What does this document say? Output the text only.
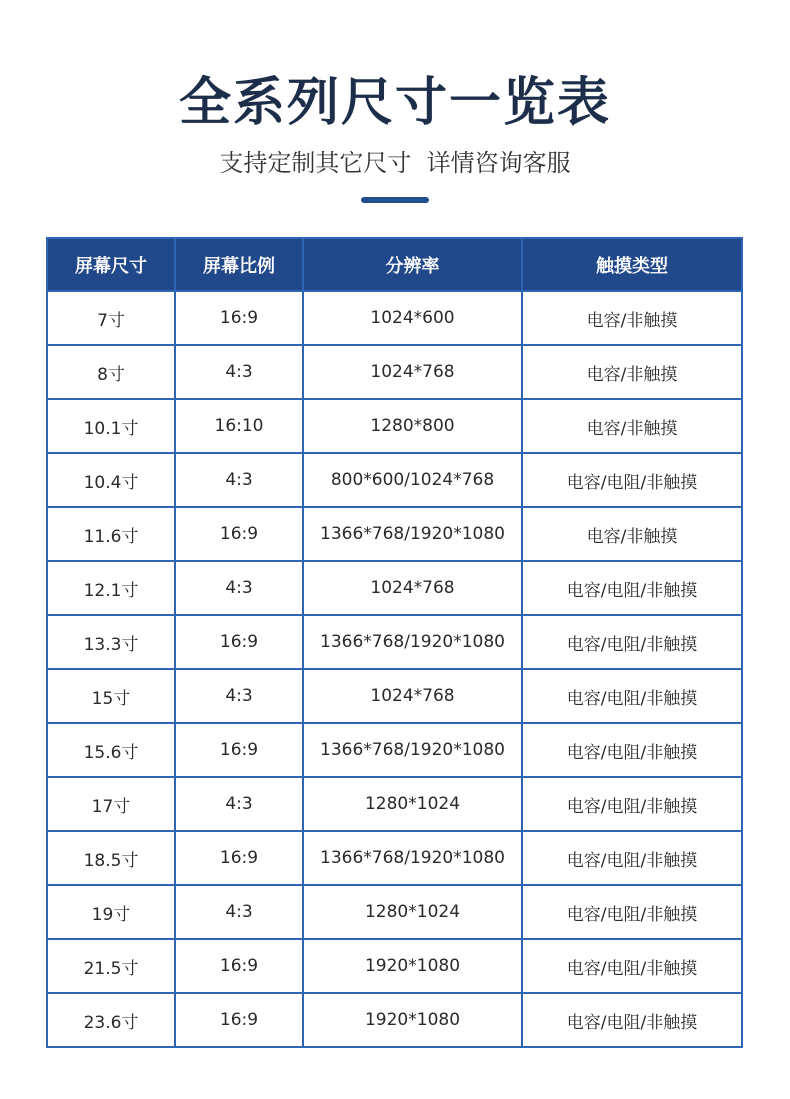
全系列尺寸一览表
支持定制其它尺寸  详情咨询客服
屏幕尺寸	屏幕比例	分辨率	触摸类型
7寸	16:9	1024*600	电容/非触摸
8寸	4:3	1024*768	电容/非触摸
10.1寸	16:10	1280*800	电容/非触摸
10.4寸	4:3	800*600/1024*768	电容/电阻/非触摸
11.6寸	16:9	1366*768/1920*1080	电容/非触摸
12.1寸	4:3	1024*768	电容/电阻/非触摸
13.3寸	16:9	1366*768/1920*1080	电容/电阻/非触摸
15寸	4:3	1024*768	电容/电阻/非触摸
15.6寸	16:9	1366*768/1920*1080	电容/电阻/非触摸
17寸	4:3	1280*1024	电容/电阻/非触摸
18.5寸	16:9	1366*768/1920*1080	电容/电阻/非触摸
19寸	4:3	1280*1024	电容/电阻/非触摸
21.5寸	16:9	1920*1080	电容/电阻/非触摸
23.6寸	16:9	1920*1080	电容/电阻/非触摸
